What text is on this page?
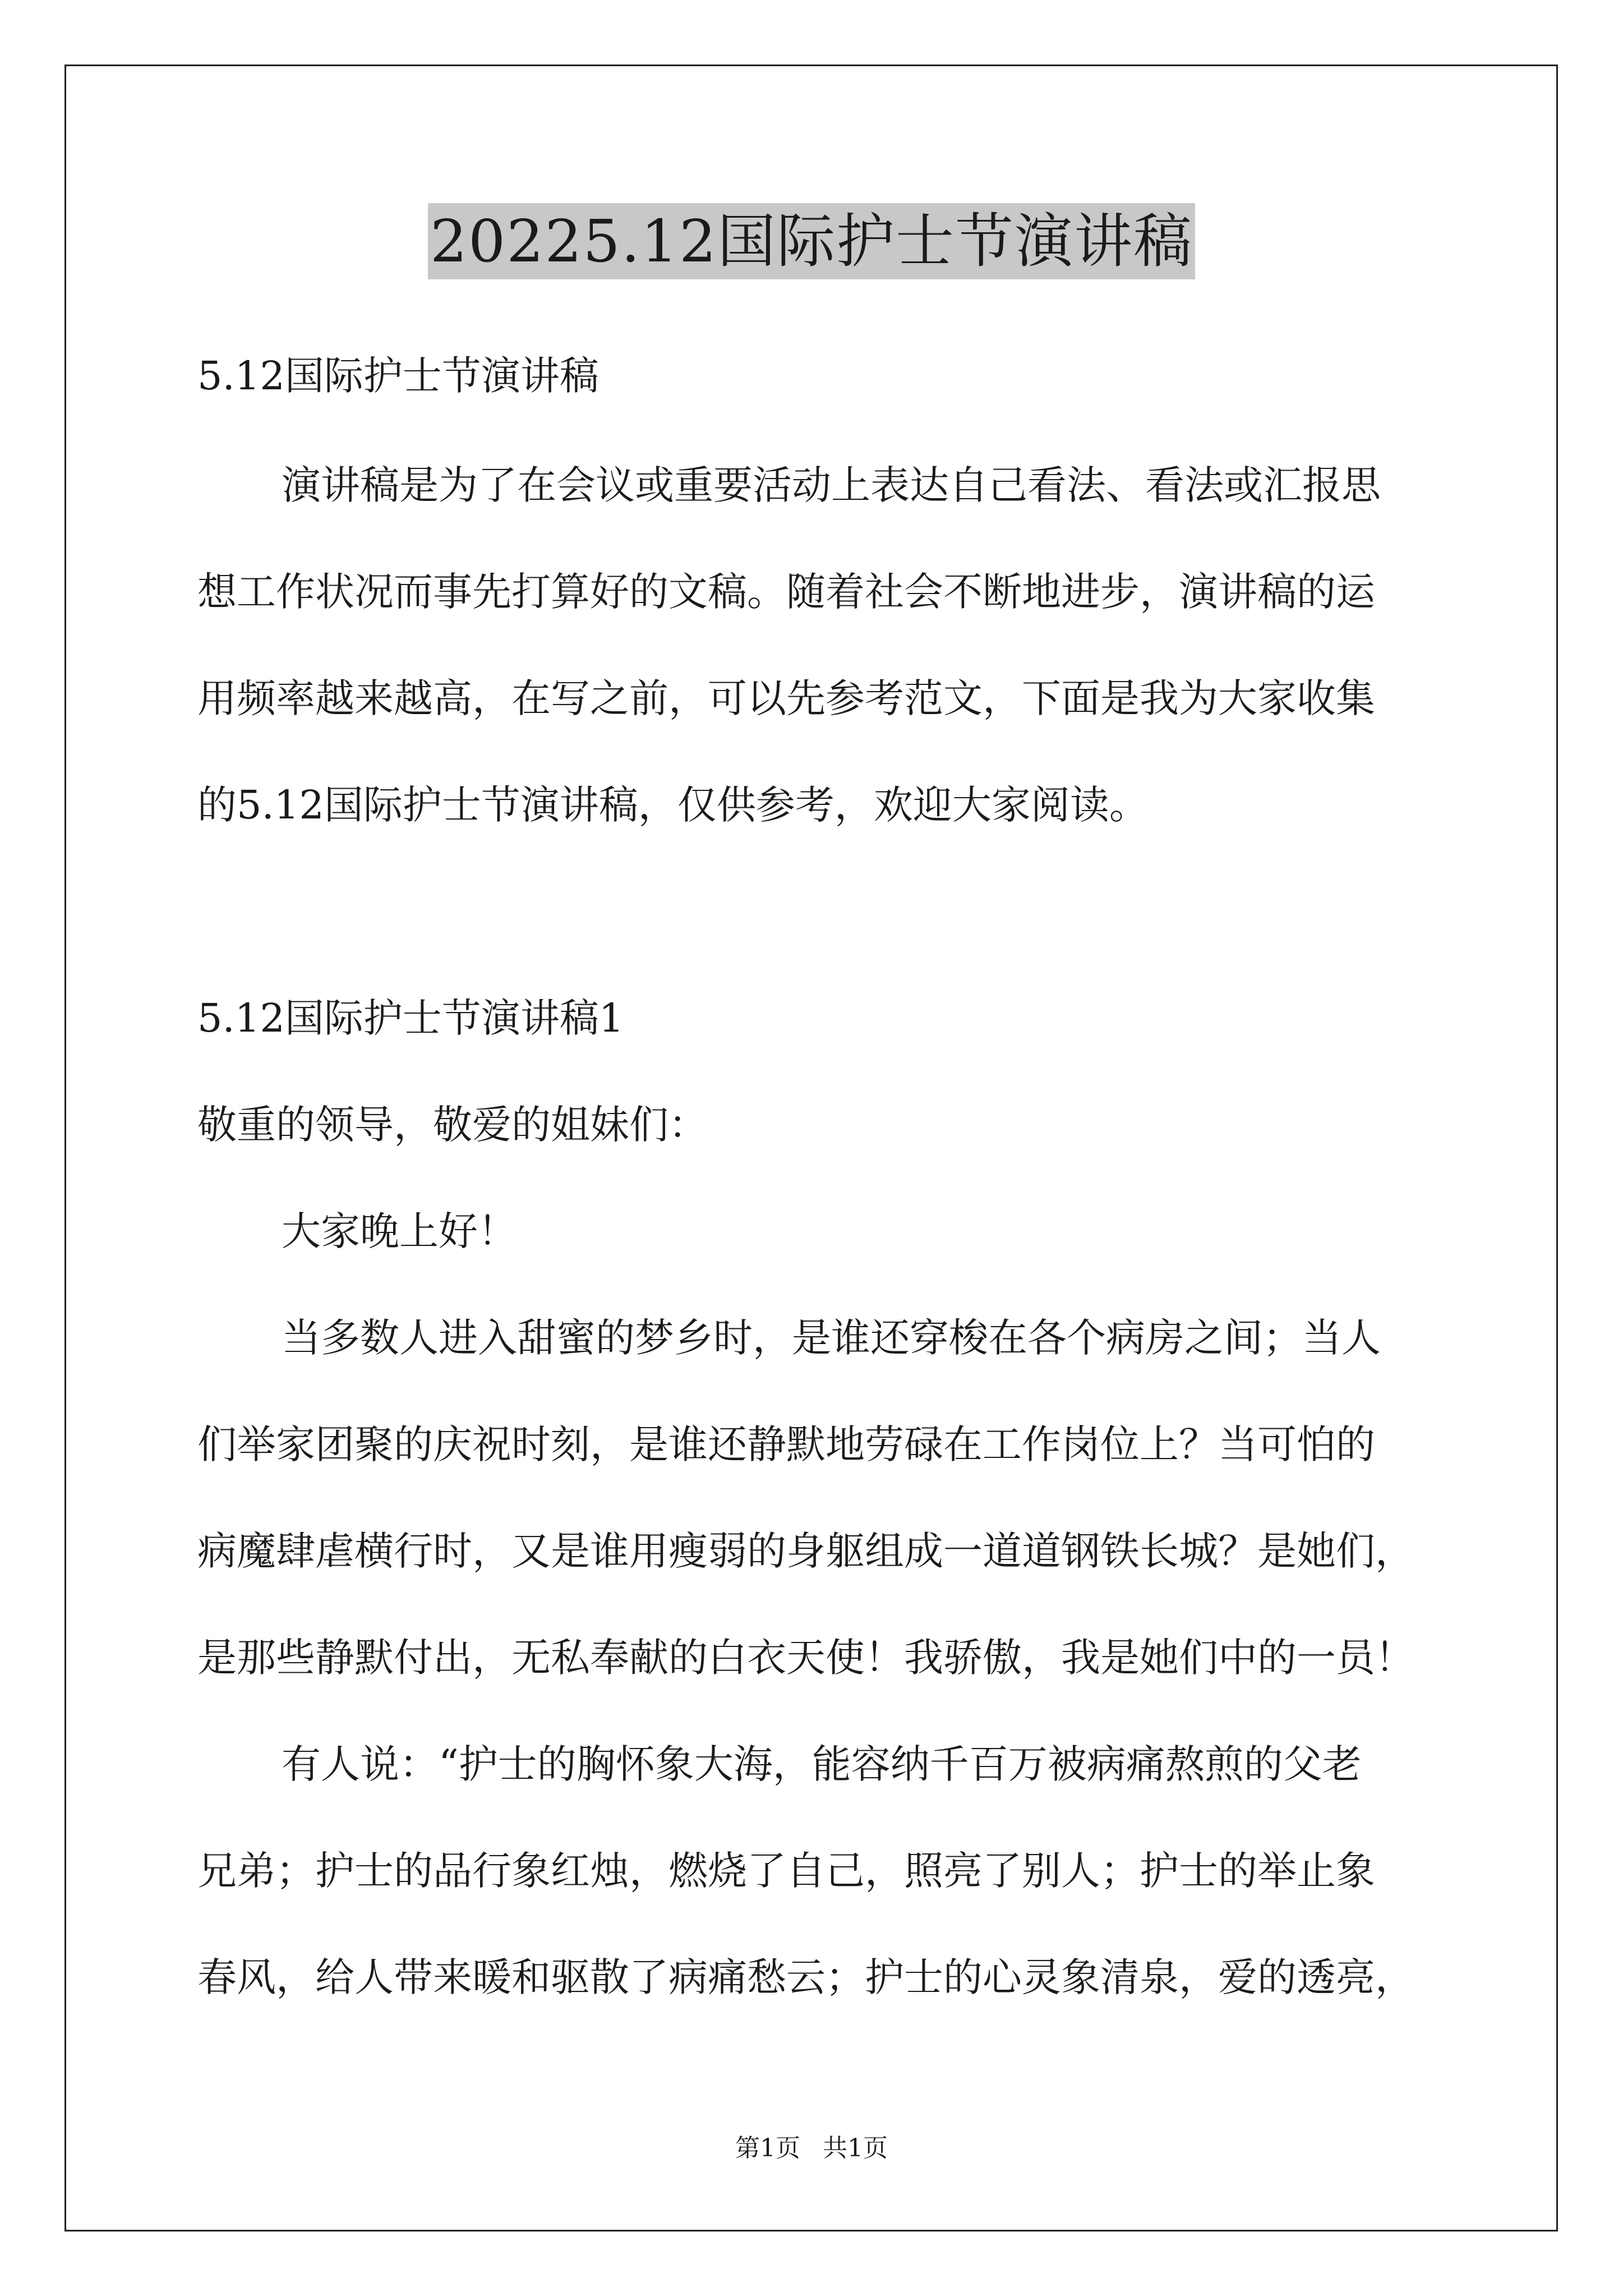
20225.12国际护士节演讲稿
5.12国际护士节演讲稿
演讲稿是为了在会议或重要活动上表达自己看法、看法或汇报思
想工作状况而事先打算好的文稿。随着社会不断地进步，演讲稿的运
用频率越来越高，在写之前，可以先参考范文，下面是我为大家收集
的5.12国际护士节演讲稿，仅供参考，欢迎大家阅读。
5.12国际护士节演讲稿1
敬重的领导，敬爱的姐妹们：
大家晚上好！
当多数人进入甜蜜的梦乡时，是谁还穿梭在各个病房之间；当人
们举家团聚的庆祝时刻，是谁还静默地劳碌在工作岗位上？当可怕的
病魔肆虐横行时，又是谁用瘦弱的身躯组成一道道钢铁长城？是她们，
是那些静默付出，无私奉献的白衣天使！我骄傲，我是她们中的一员！
有人说：“护士的胸怀象大海，能容纳千百万被病痛熬煎的父老
兄弟；护士的品行象红烛，燃烧了自己，照亮了别人；护士的举止象
春风，给人带来暖和驱散了病痛愁云；护士的心灵象清泉，爱的透亮，
第1页 共1页
